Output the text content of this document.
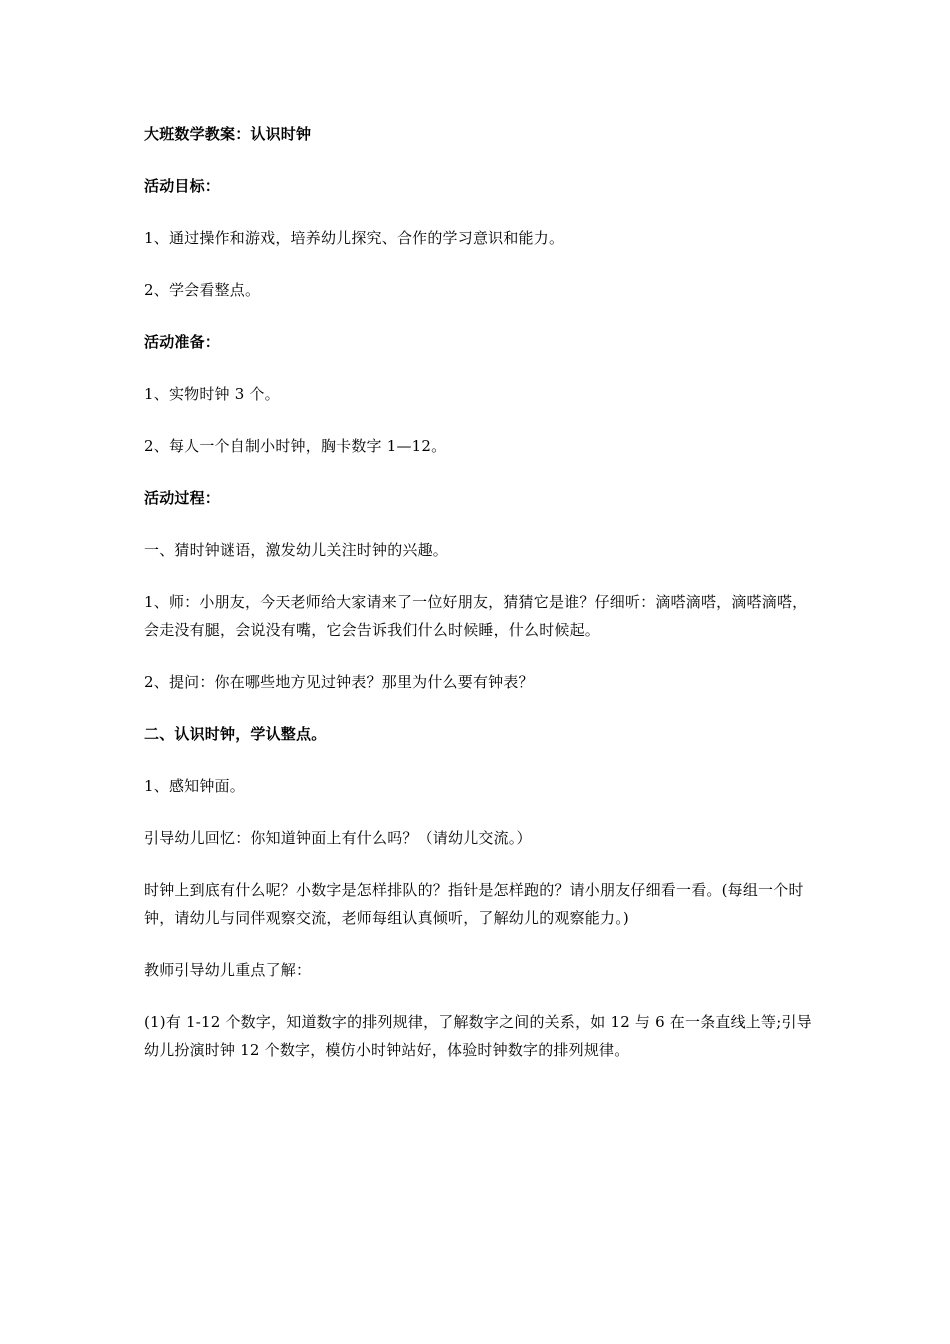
大班数学教案：认识时钟

活动目标：

1、通过操作和游戏，培养幼儿探究、合作的学习意识和能力。

2、学会看整点。

活动准备：

1、实物时钟 3 个。

2、每人一个自制小时钟，胸卡数字 1—12。

活动过程：

一、猜时钟谜语，激发幼儿关注时钟的兴趣。

1、师：小朋友，今天老师给大家请来了一位好朋友，猜猜它是谁？仔细听：滴嗒滴嗒，滴嗒滴嗒，会走没有腿，会说没有嘴，它会告诉我们什么时候睡，什么时候起。

2、提问：你在哪些地方见过钟表？那里为什么要有钟表？

二、认识时钟，学认整点。

1、感知钟面。

引导幼儿回忆：你知道钟面上有什么吗？（请幼儿交流。）

时钟上到底有什么呢？小数字是怎样排队的？指针是怎样跑的？请小朋友仔细看一看。(每组一个时钟，请幼儿与同伴观察交流，老师每组认真倾听，了解幼儿的观察能力。)

教师引导幼儿重点了解：

(1)有 1-12 个数字，知道数字的排列规律，了解数字之间的关系，如 12 与 6 在一条直线上等;引导幼儿扮演时钟 12 个数字，模仿小时钟站好，体验时钟数字的排列规律。
